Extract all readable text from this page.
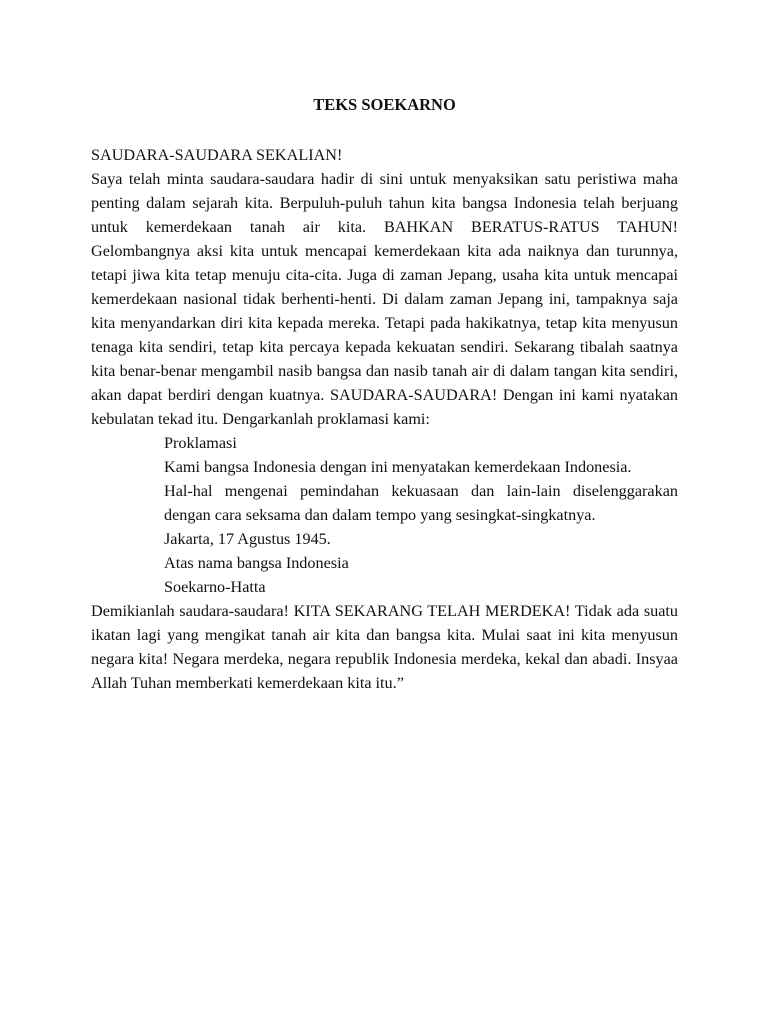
TEKS SOEKARNO

SAUDARA-SAUDARA SEKALIAN!

Saya telah minta saudara-saudara hadir di sini untuk menyaksikan satu peristiwa maha penting dalam sejarah kita. Berpuluh-puluh tahun kita bangsa Indonesia telah berjuang untuk kemerdekaan tanah air kita. BAHKAN BERATUS-RATUS TAHUN! Gelombangnya aksi kita untuk mencapai kemerdekaan kita ada naiknya dan turunnya, tetapi jiwa kita tetap menuju cita-cita. Juga di zaman Jepang, usaha kita untuk mencapai kemerdekaan nasional tidak berhenti-henti. Di dalam zaman Jepang ini, tampaknya saja kita menyandarkan diri kita kepada mereka. Tetapi pada hakikatnya, tetap kita menyusun tenaga kita sendiri, tetap kita percaya kepada kekuatan sendiri. Sekarang tibalah saatnya kita benar-benar mengambil nasib bangsa dan nasib tanah air di dalam tangan kita sendiri, akan dapat berdiri dengan kuatnya. SAUDARA-SAUDARA! Dengan ini kami nyatakan kebulatan tekad itu. Dengarkanlah proklamasi kami:

Proklamasi

Kami bangsa Indonesia dengan ini menyatakan kemerdekaan Indonesia.

Hal-hal mengenai pemindahan kekuasaan dan lain-lain diselenggarakan dengan cara seksama dan dalam tempo yang sesingkat-singkatnya.

Jakarta, 17 Agustus 1945.

Atas nama bangsa Indonesia

Soekarno-Hatta

Demikianlah saudara-saudara! KITA SEKARANG TELAH MERDEKA! Tidak ada suatu ikatan lagi yang mengikat tanah air kita dan bangsa kita. Mulai saat ini kita menyusun negara kita! Negara merdeka, negara republik Indonesia merdeka, kekal dan abadi. Insyaa Allah Tuhan memberkati kemerdekaan kita itu.”
